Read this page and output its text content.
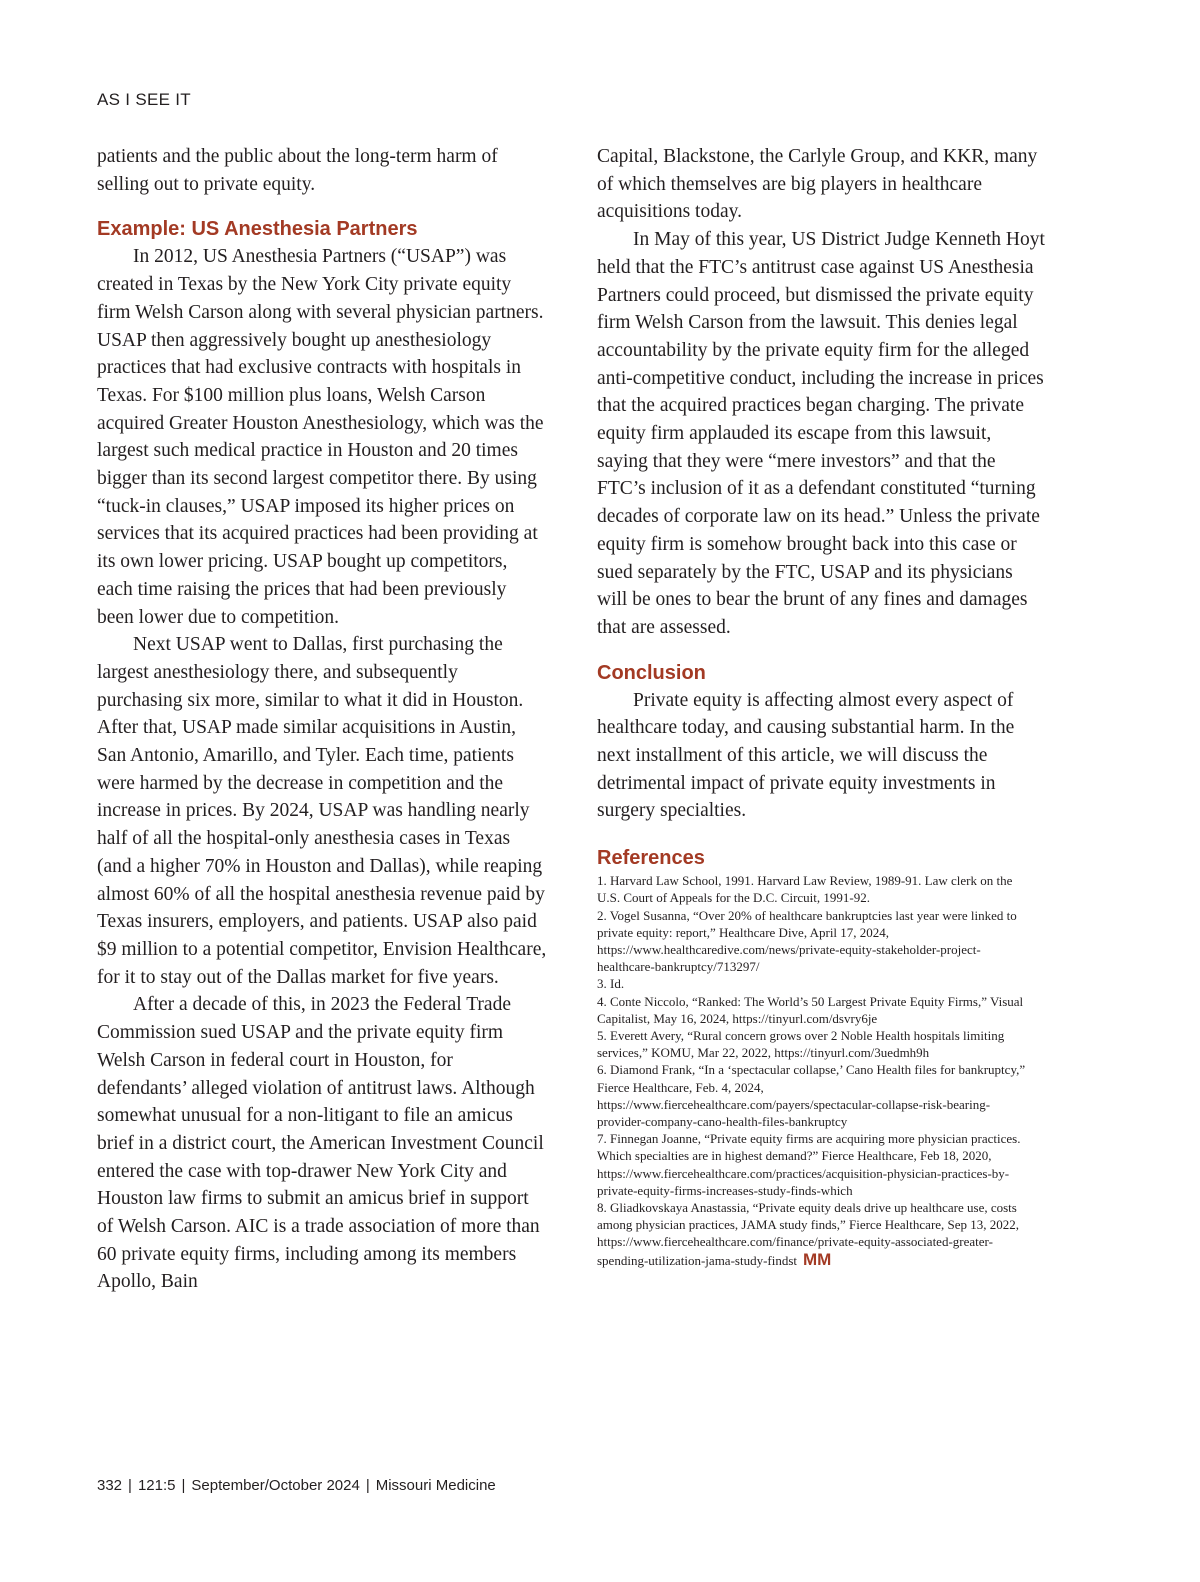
AS I SEE IT

patients and the public about the long-term harm of selling out to private equity.

Example: US Anesthesia Partners

In 2012, US Anesthesia Partners (“USAP”) was created in Texas by the New York City private equity firm Welsh Carson along with several physician partners. USAP then aggressively bought up anesthesiology practices that had exclusive contracts with hospitals in Texas. For $100 million plus loans, Welsh Carson acquired Greater Houston Anesthesiology, which was the largest such medical practice in Houston and 20 times bigger than its second largest competitor there. By using “tuck-in clauses,” USAP imposed its higher prices on services that its acquired practices had been providing at its own lower pricing. USAP bought up competitors, each time raising the prices that had been previously been lower due to competition.

Next USAP went to Dallas, first purchasing the largest anesthesiology there, and subsequently purchasing six more, similar to what it did in Houston. After that, USAP made similar acquisitions in Austin, San Antonio, Amarillo, and Tyler. Each time, patients were harmed by the decrease in competition and the increase in prices. By 2024, USAP was handling nearly half of all the hospital-only anesthesia cases in Texas (and a higher 70% in Houston and Dallas), while reaping almost 60% of all the hospital anesthesia revenue paid by Texas insurers, employers, and patients. USAP also paid $9 million to a potential competitor, Envision Healthcare, for it to stay out of the Dallas market for five years.

After a decade of this, in 2023 the Federal Trade Commission sued USAP and the private equity firm Welsh Carson in federal court in Houston, for defendants’ alleged violation of antitrust laws. Although somewhat unusual for a non-litigant to file an amicus brief in a district court, the American Investment Council entered the case with top-drawer New York City and Houston law firms to submit an amicus brief in support of Welsh Carson. AIC is a trade association of more than 60 private equity firms, including among its members Apollo, Bain

Capital, Blackstone, the Carlyle Group, and KKR, many of which themselves are big players in healthcare acquisitions today.

In May of this year, US District Judge Kenneth Hoyt held that the FTC’s antitrust case against US Anesthesia Partners could proceed, but dismissed the private equity firm Welsh Carson from the lawsuit. This denies legal accountability by the private equity firm for the alleged anti-competitive conduct, including the increase in prices that the acquired practices began charging. The private equity firm applauded its escape from this lawsuit, saying that they were “mere investors” and that the FTC’s inclusion of it as a defendant constituted “turning decades of corporate law on its head.” Unless the private equity firm is somehow brought back into this case or sued separately by the FTC, USAP and its physicians will be ones to bear the brunt of any fines and damages that are assessed.

Conclusion

Private equity is affecting almost every aspect of healthcare today, and causing substantial harm. In the next installment of this article, we will discuss the detrimental impact of private equity investments in surgery specialties.

References
1. Harvard Law School, 1991. Harvard Law Review, 1989-91. Law clerk on the U.S. Court of Appeals for the D.C. Circuit, 1991-92.
2. Vogel Susanna, “Over 20% of healthcare bankruptcies last year were linked to private equity: report,” Healthcare Dive, April 17, 2024, https://www.healthcaredive.com/news/private-equity-stakeholder-project-healthcare-bankruptcy/713297/
3. Id.
4. Conte Niccolo, “Ranked: The World’s 50 Largest Private Equity Firms,” Visual Capitalist, May 16, 2024, https://tinyurl.com/dsvry6je
5. Everett Avery, “Rural concern grows over 2 Noble Health hospitals limiting services,” KOMU, Mar 22, 2022, https://tinyurl.com/3uedmh9h
6. Diamond Frank, “In a ‘spectacular collapse,’ Cano Health files for bankruptcy,” Fierce Healthcare, Feb. 4, 2024, https://www.fiercehealthcare.com/payers/spectacular-collapse-risk-bearing-provider-company-cano-health-files-bankruptcy
7. Finnegan Joanne, “Private equity firms are acquiring more physician practices. Which specialties are in highest demand?” Fierce Healthcare, Feb 18, 2020, https://www.fiercehealthcare.com/practices/acquisition-physician-practices-by-private-equity-firms-increases-study-finds-which
8. Gliadkovskaya Anastassia, “Private equity deals drive up healthcare use, costs among physician practices, JAMA study finds,” Fierce Healthcare, Sep 13, 2022, https://www.fiercehealthcare.com/finance/private-equity-associated-greater-spending-utilization-jama-study-findst MM
332 | 121:5 | September/October 2024 | Missouri Medicine
